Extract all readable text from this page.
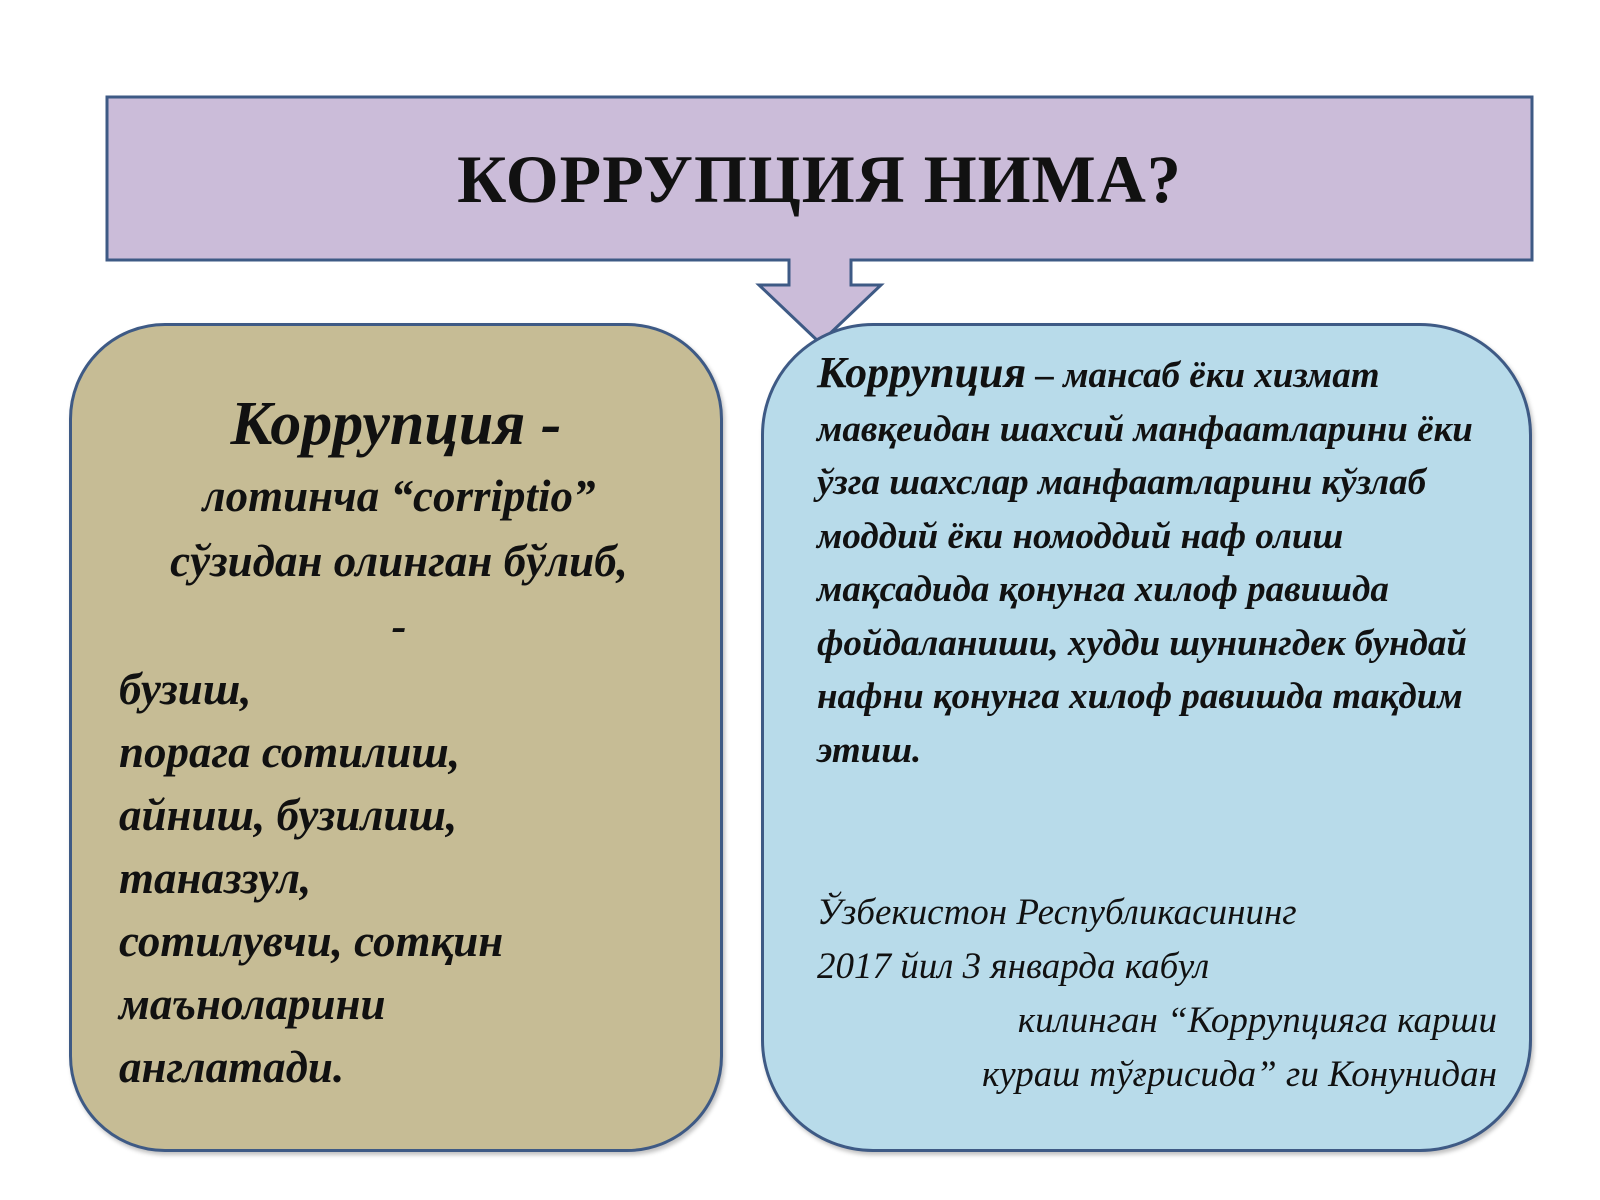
КОРРУПЦИЯ НИМА?
Коррупция -
лотинча “corriptio”
сўзидан олинган бўлиб,
-
бузиш,
порага сотилиш,
айниш, бузилиш,
таназзул,
сотилувчи, сотқин
маъноларини
англатади.

Коррупция – мансаб ёки хизмат мавқеидан шахсий манфаатларини ёки ўзга шахслар манфаатларини кўзлаб моддий ёки номоддий наф олиш мақсадида қонунга хилоф равишда фойдаланиши, худди шунингдек бундай нафни қонунга хилоф равишда тақдим этиш.

Ўзбекистон Республикасининг
2017 йил 3 январда кабул
килинган “Коррупцияга карши
кураш тўғрисида” ги Конунидан
